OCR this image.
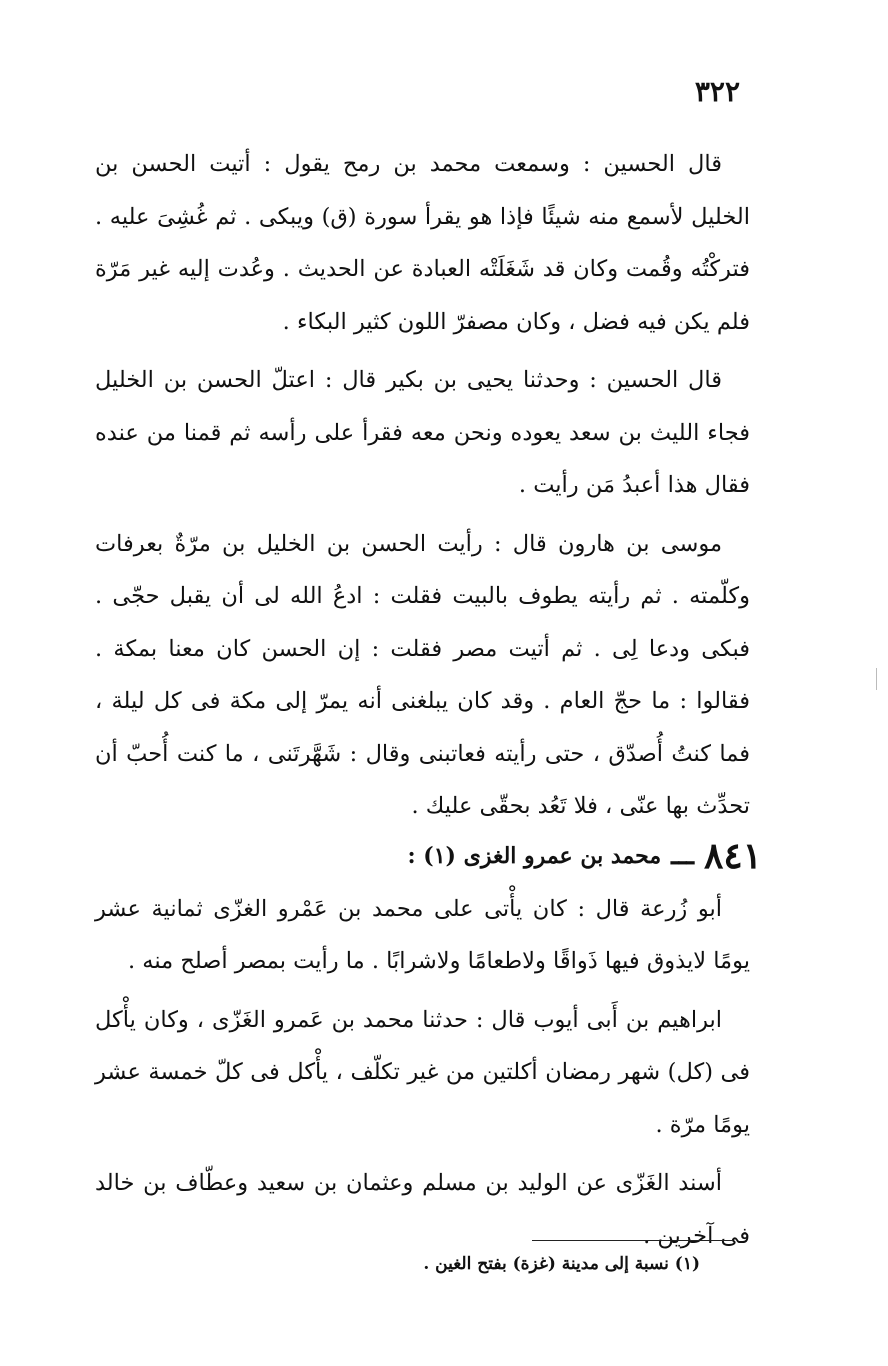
٣٢٢

قال الحسين : وسمعت محمد بن رمح يقول : أتيت الحسن بن الخليل لأسمع منه شيئًا فإذا هو يقرأ سورة (ق) ويبكى . ثم غُشِىَ عليه . فتركْتُه وقُمت وكان قد شَغَلَتْه العبادة عن الحديث . وعُدت إليه غير مَرّة فلم يكن فيه فضل ، وكان مصفرّ اللون كثير البكاء .

قال الحسين : وحدثنا يحيى بن بكير قال : اعتلّ الحسن بن الخليل فجاء الليث بن سعد يعوده ونحن معه فقرأ على رأسه ثم قمنا من عنده فقال هذا أعبدُ مَن رأيت .

موسى بن هارون قال : رأيت الحسن بن الخليل بن مرّةٌ بعرفات وكلّمته . ثم رأيته يطوف بالبيت فقلت : ادعُ الله لى أن يقبل حجّى . فبكى ودعا لِى . ثم أتيت مصر فقلت : إن الحسن كان معنا بمكة . فقالوا : ما حجّ العام . وقد كان يبلغنى أنه يمرّ إلى مكة فى كل ليلة ، فما كنتُ أُصدّق ، حتى رأيته فعاتبنى وقال : شَهَّرتَنى ، ما كنت أُحبّ أن تحدِّث بها عنّى ، فلا تَعُد بحقّى عليك .

٨٤١
ـــ
محمد بن عمرو الغزى (١) :

أبو زُرعة قال : كان يأْتى على محمد بن عَمْرو الغزّى ثمانية عشر يومًا لايذوق فيها ذَواقًا ولاطعامًا ولاشرابًا . ما رأيت بمصر أصلح منه .

ابراهيم بن أَبى أيوب قال : حدثنا محمد بن عَمرو الغَزّى ، وكان يأْكل فى (كل) شهر رمضان أكلتين من غير تكلّف ، يأْكل فى كلّ خمسة عشر يومًا مرّة .

أسند الغَزّى عن الوليد بن مسلم وعثمان بن سعيد وعطّاف بن خالد فى آخرين .

(١) نسبة إلى مدينة (غزة) بفتح الغين .
